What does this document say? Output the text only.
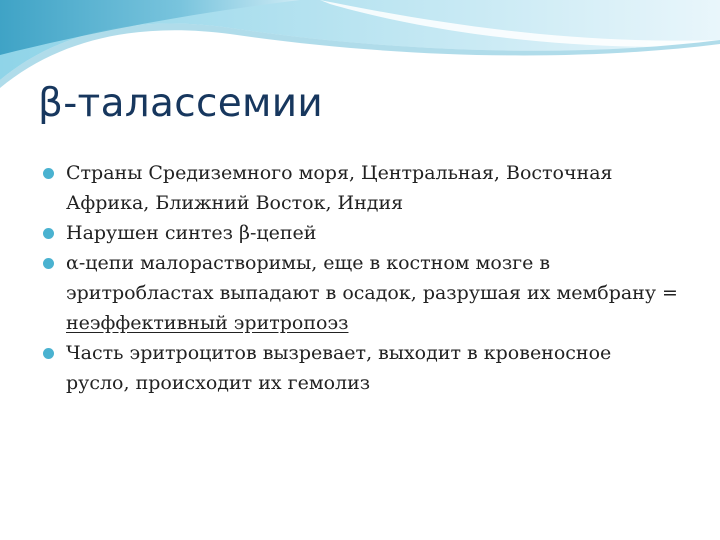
β-талассемии
Страны Средиземного моря, Центральная, Восточная Африка, Ближний Восток, Индия
Нарушен синтез β-цепей
α-цепи малорастворимы, еще в костном мозге в эритробластах выпадают в осадок, разрушая их мембрану = неэффективный эритропоэз
Часть эритроцитов вызревает, выходит в кровеносное русло, происходит их гемолиз
